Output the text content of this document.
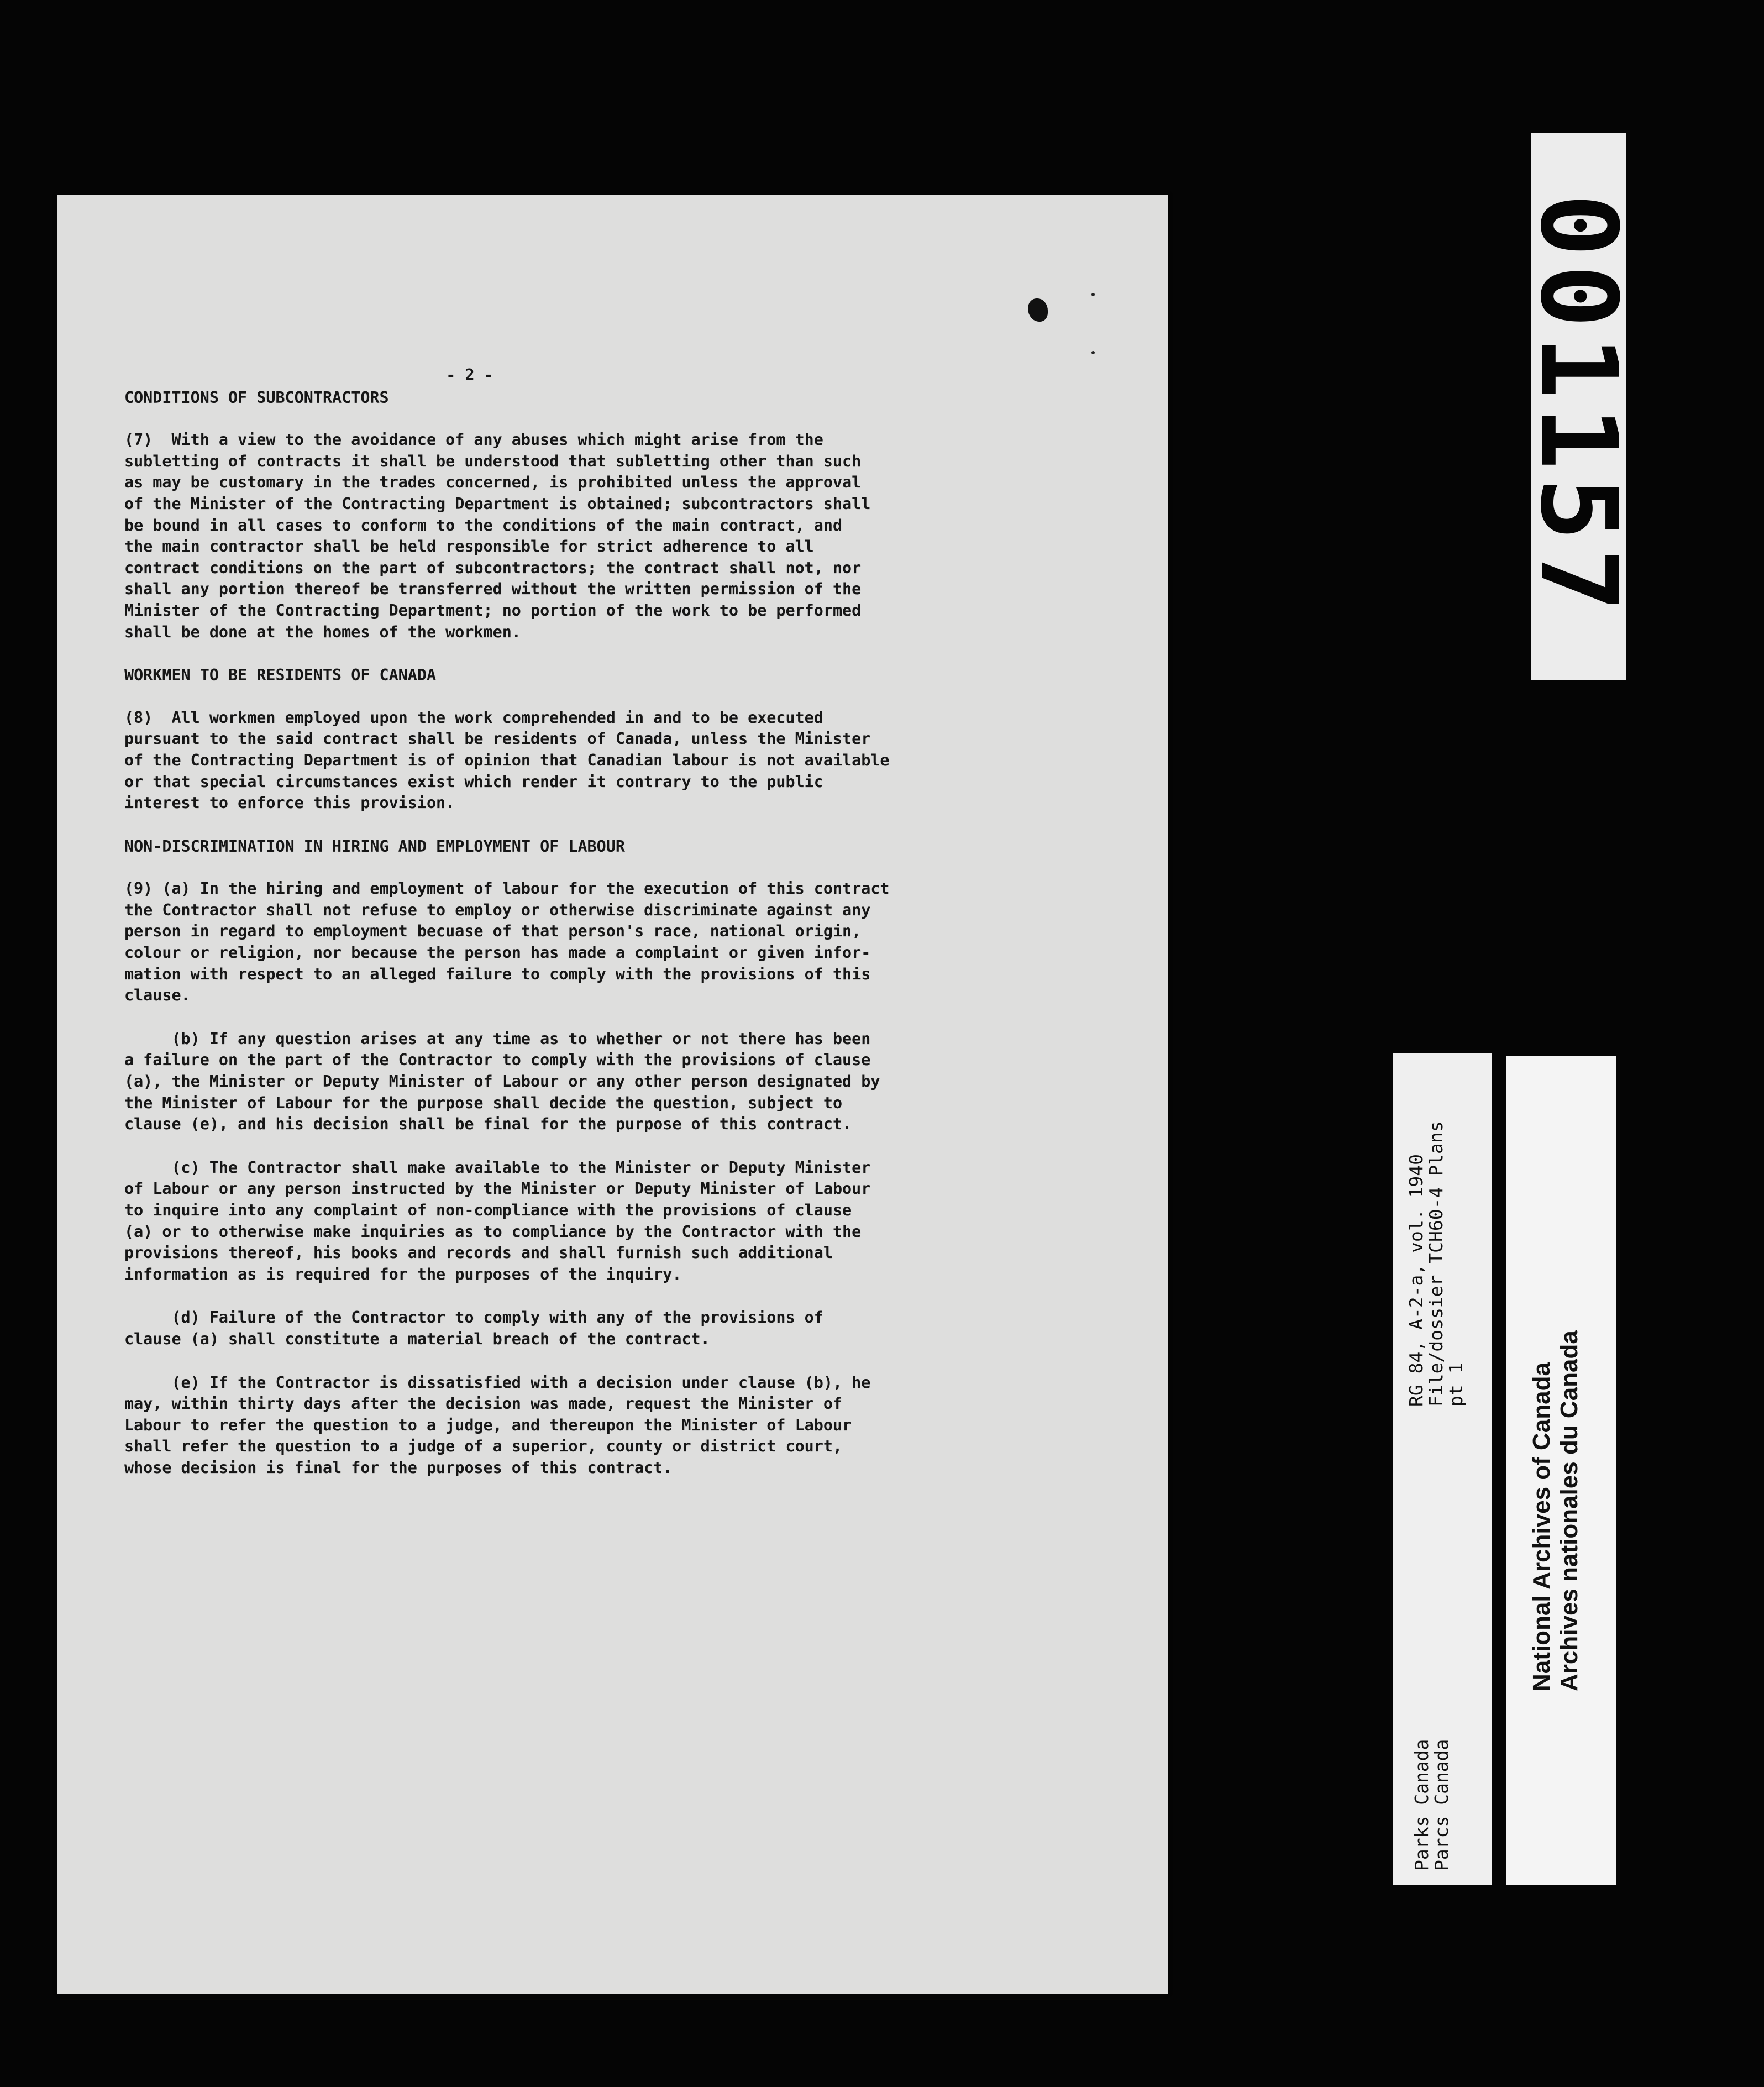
- 2 -
CONDITIONS OF SUBCONTRACTORS
(7)  With a view to the avoidance of any abuses which might arise from the
subletting of contracts it shall be understood that subletting other than such
as may be customary in the trades concerned, is prohibited unless the approval
of the Minister of the Contracting Department is obtained; subcontractors shall
be bound in all cases to conform to the conditions of the main contract, and
the main contractor shall be held responsible for strict adherence to all
contract conditions on the part of subcontractors; the contract shall not, nor
shall any portion thereof be transferred without the written permission of the
Minister of the Contracting Department; no portion of the work to be performed
shall be done at the homes of the workmen.
WORKMEN TO BE RESIDENTS OF CANADA
(8)  All workmen employed upon the work comprehended in and to be executed
pursuant to the said contract shall be residents of Canada, unless the Minister
of the Contracting Department is of opinion that Canadian labour is not available
or that special circumstances exist which render it contrary to the public
interest to enforce this provision.
NON-DISCRIMINATION IN HIRING AND EMPLOYMENT OF LABOUR
(9) (a) In the hiring and employment of labour for the execution of this contract
the Contractor shall not refuse to employ or otherwise discriminate against any
person in regard to employment becuase of that person's race, national origin,
colour or religion, nor because the person has made a complaint or given infor-
mation with respect to an alleged failure to comply with the provisions of this
clause.
(b) If any question arises at any time as to whether or not there has been
a failure on the part of the Contractor to comply with the provisions of clause
(a), the Minister or Deputy Minister of Labour or any other person designated by
the Minister of Labour for the purpose shall decide the question, subject to
clause (e), and his decision shall be final for the purpose of this contract.
(c) The Contractor shall make available to the Minister or Deputy Minister
of Labour or any person instructed by the Minister or Deputy Minister of Labour
to inquire into any complaint of non-compliance with the provisions of clause
(a) or to otherwise make inquiries as to compliance by the Contractor with the
provisions thereof, his books and records and shall furnish such additional
information as is required for the purposes of the inquiry.
(d) Failure of the Contractor to comply with any of the provisions of
clause (a) shall constitute a material breach of the contract.
(e) If the Contractor is dissatisfied with a decision under clause (b), he
may, within thirty days after the decision was made, request the Minister of
Labour to refer the question to a judge, and thereupon the Minister of Labour
shall refer the question to a judge of a superior, county or district court,
whose decision is final for the purposes of this contract.
001157
RG 84, A-2-a, vol. 1940
File/dossier TCH60-4 Plans
pt 1
Parks Canada
Parcs Canada
National Archives of Canada Archives nationales du Canada
